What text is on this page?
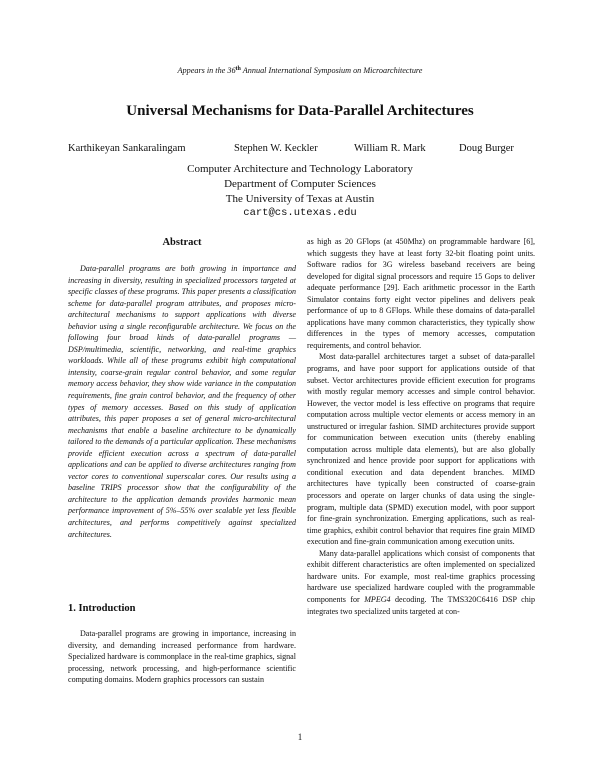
Appears in the 36th Annual International Symposium on Microarchitecture
Universal Mechanisms for Data-Parallel Architectures
Karthikeyan Sankaralingam	Stephen W. Keckler	William R. Mark	Doug Burger
Computer Architecture and Technology Laboratory
Department of Computer Sciences
The University of Texas at Austin
cart@cs.utexas.edu
Abstract

Data-parallel programs are both growing in importance and increasing in diversity, resulting in specialized processors targeted at specific classes of these programs. This paper presents a classification scheme for data-parallel program attributes, and proposes micro-architectural mechanisms to support applications with diverse behavior using a single reconfigurable architecture. We focus on the following four broad kinds of data-parallel programs — DSP/multimedia, scientific, networking, and real-time graphics workloads. While all of these programs exhibit high computational intensity, coarse-grain regular control behavior, and some regular memory access behavior, they show wide variance in the computation requirements, fine grain control behavior, and the frequency of other types of memory accesses. Based on this study of application attributes, this paper proposes a set of general micro-architectural mechanisms that enable a baseline architecture to be dynamically tailored to the demands of a particular application. These mechanisms provide efficient execution across a spectrum of data-parallel applications and can be applied to diverse architectures ranging from vector cores to conventional superscalar cores. Our results using a baseline TRIPS processor show that the configurability of the architecture to the application demands provides harmonic mean performance improvement of 5%–55% over scalable yet less flexible architectures, and performs competitively against specialized architectures.

1. Introduction

Data-parallel programs are growing in importance, increasing in diversity, and demanding increased performance from hardware. Specialized hardware is commonplace in the real-time graphics, signal processing, network processing, and high-performance scientific computing domains. Modern graphics processors can sustain

as high as 20 GFlops (at 450Mhz) on programmable hardware [6], which suggests they have at least forty 32-bit floating point units. Software radios for 3G wireless baseband receivers are being developed for digital signal processors and require 15 Gops to deliver adequate performance [29]. Each arithmetic processor in the Earth Simulator contains forty eight vector pipelines and delivers peak performance of up to 8 GFlops. While these domains of data-parallel applications have many common characteristics, they typically show differences in the types of memory accesses, computation requirements, and control behavior.

Most data-parallel architectures target a subset of data-parallel programs, and have poor support for applications outside of that subset. Vector architectures provide efficient execution for programs with mostly regular memory accesses and simple control behavior. However, the vector model is less effective on programs that require computation across multiple vector elements or access memory in an unstructured or irregular fashion. SIMD architectures provide support for communication between execution units (thereby enabling computation across multiple data elements), but are also globally synchronized and hence provide poor support for applications with conditional execution and data dependent branches. MIMD architectures have typically been constructed of coarse-grain processors and operate on larger chunks of data using the single-program, multiple data (SPMD) execution model, with poor support for fine-grain synchronization. Emerging applications, such as real-time graphics, exhibit control behavior that requires fine grain MIMD execution and fine-grain communication among execution units.

Many data-parallel applications which consist of components that exhibit different characteristics are often implemented on specialized hardware units. For example, most real-time graphics processing hardware use specialized hardware coupled with the programmable components for MPEG4 decoding. The TMS320C6416 DSP chip integrates two specialized units targeted at con-

1
